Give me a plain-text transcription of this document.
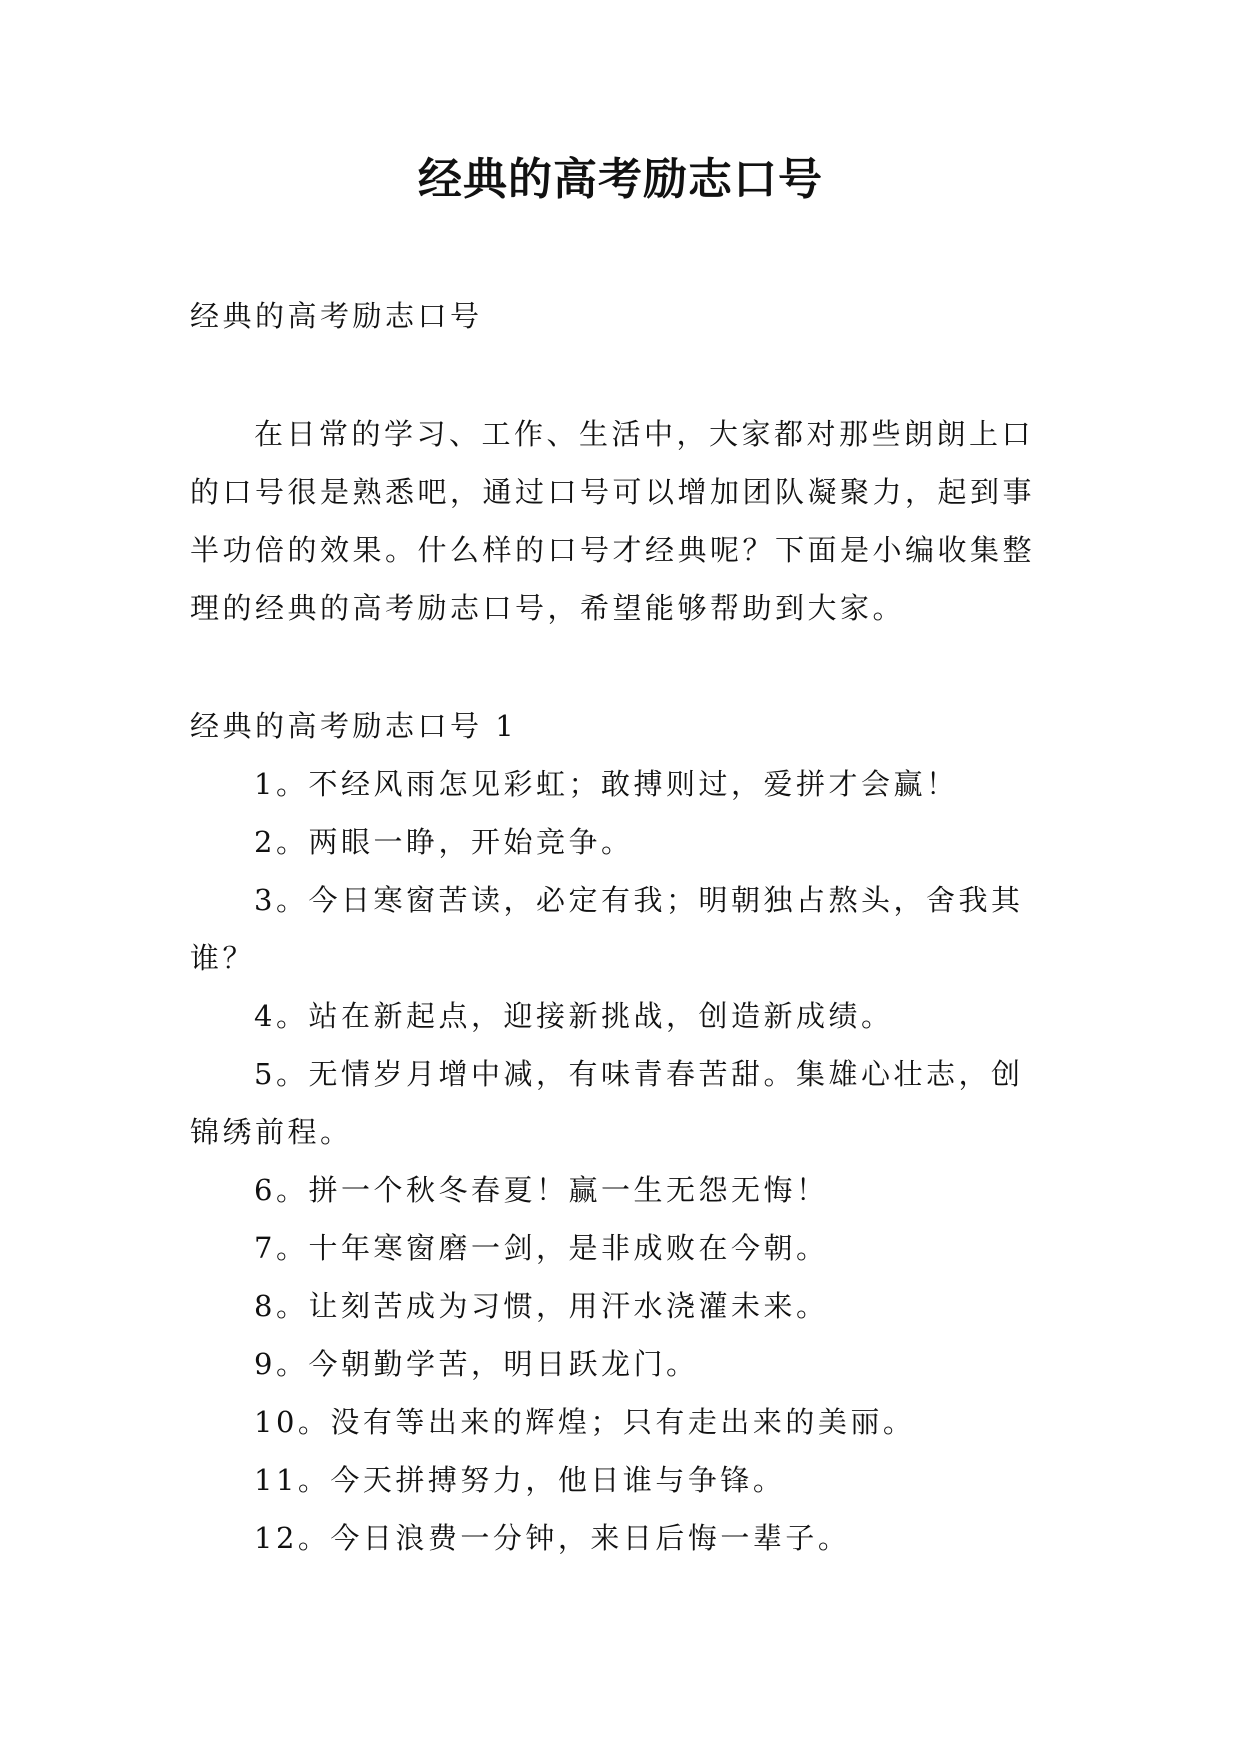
经典的高考励志口号
经典的高考励志口号

在日常的学习、工作、生活中，大家都对那些朗朗上口的口号很是熟悉吧，通过口号可以增加团队凝聚力，起到事半功倍的效果。什么样的口号才经典呢？下面是小编收集整理的经典的高考励志口号，希望能够帮助到大家。

经典的高考励志口号 1
1。不经风雨怎见彩虹；敢搏则过，爱拼才会赢！
2。两眼一睁，开始竞争。
3。今日寒窗苦读，必定有我；明朝独占熬头，舍我其谁？
4。站在新起点，迎接新挑战，创造新成绩。
5。无情岁月增中减，有味青春苦甜。集雄心壮志，创锦绣前程。
6。拼一个秋冬春夏！赢一生无怨无悔！
7。十年寒窗磨一剑，是非成败在今朝。
8。让刻苦成为习惯，用汗水浇灌未来。
9。今朝勤学苦，明日跃龙门。
10。没有等出来的辉煌；只有走出来的美丽。
11。今天拼搏努力，他日谁与争锋。
12。今日浪费一分钟，来日后悔一辈子。
